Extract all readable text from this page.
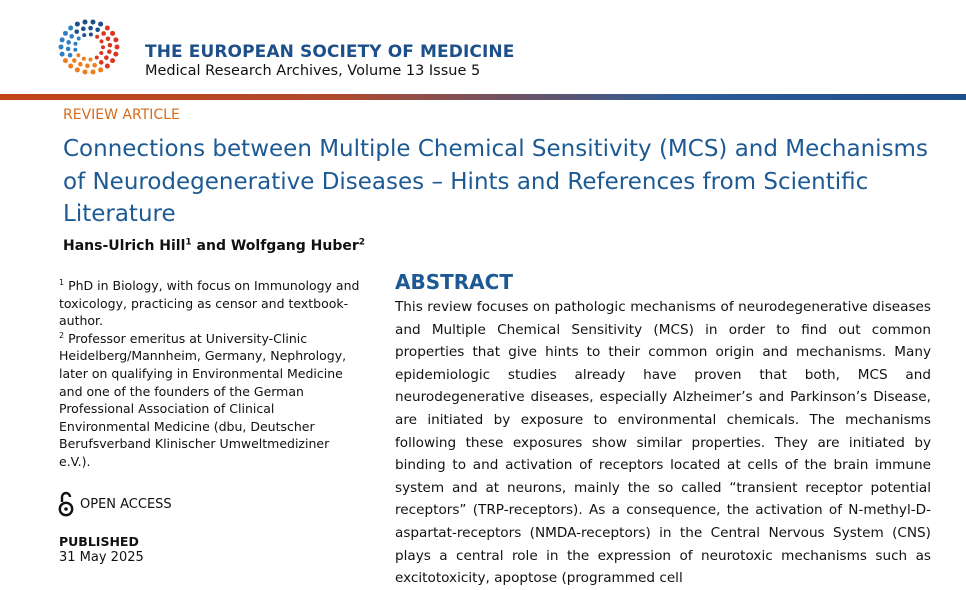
THE EUROPEAN SOCIETY OF MEDICINE
Medical Research Archives, Volume 13 Issue 5
REVIEW ARTICLE
Connections between Multiple Chemical Sensitivity (MCS) and Mechanisms of Neurodegenerative Diseases – Hints and References from Scientific Literature
Hans-Ulrich Hill$^1$ and Wolfgang Huber$^2$

$^1$ PhD in Biology, with focus on Immunology and toxicology, practicing as censor and textbook-author.

$^2$ Professor emeritus at University-Clinic Heidelberg/Mannheim, Germany, Nephrology, later on qualifying in Environmental Medicine and one of the founders of the German Professional Association of Clinical Environmental Medicine (dbu, Deutscher Berufsverband Klinischer Umweltmediziner e.V.).

OPEN ACCESS
PUBLISHED
31 May 2025
ABSTRACT

This review focuses on pathologic mechanisms of neurodegenerative diseases and Multiple Chemical Sensitivity (MCS) in order to find out common properties that give hints to their common origin and mechanisms. Many epidemiologic studies already have proven that both, MCS and neurodegenerative diseases, especially Alzheimer’s and Parkinson’s Disease, are initiated by exposure to environmental chemicals. The mechanisms following these exposures show similar properties. They are initiated by binding to and activation of receptors located at cells of the brain immune system and at neurons, mainly the so called “transient receptor potential receptors” (TRP-receptors). As a consequence, the activation of N-methyl-D-aspartat-receptors (NMDA-receptors) in the Central Nervous System (CNS) plays a central role in the expression of neurotoxic mechanisms such as excitotoxicity, apoptose (programmed cell
